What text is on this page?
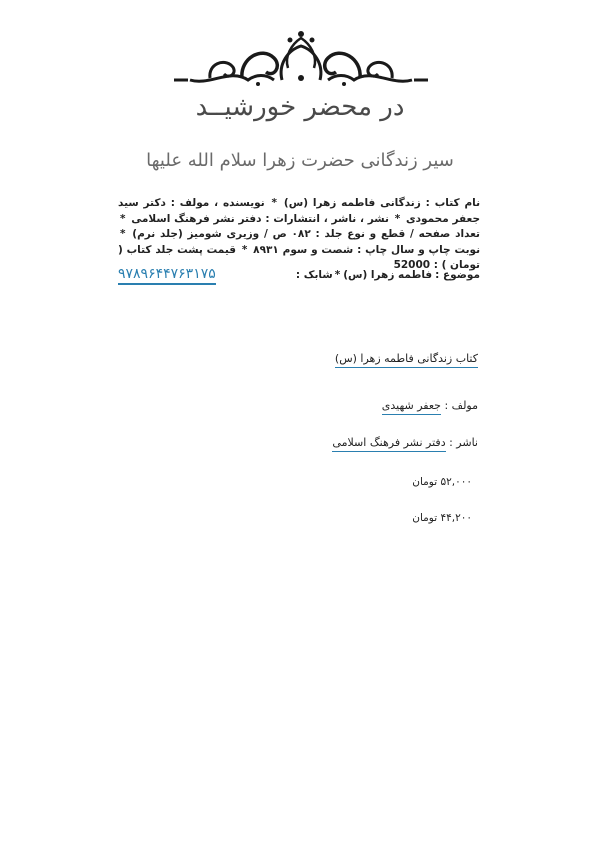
در محضر خورشیــد
سیر زندگانی حضرت زهرا سلام الله علیها
نام کتاب : زندگانی فاطمه زهرا (س) * نویسنده ، مولف : دکتر سید جعفر محمودی * نشر ، ناشر ، انتشارات : دفتر نشر فرهنگ اسلامی * تعداد صفحه / قطع و نوع جلد : ۰۸۲ ص / وزیری شومیز (جلد نرم) * نوبت چاپ و سال چاپ : شصت و سوم ۸۹۳۱ * قیمت پشت جلد کتاب ( تومان ) : 52000
موضوع :
فاطمه زهرا (س)
*
شابک :
۹۷۸۹۶۴۴۷۶۳۱۷۵
کتاب زندگانی فاطمه زهرا (س)
مولف : جعفر شهیدی
ناشر : دفتر نشر فرهنگ اسلامی
۵۲,۰۰۰ تومان
۴۴,۲۰۰ تومان
